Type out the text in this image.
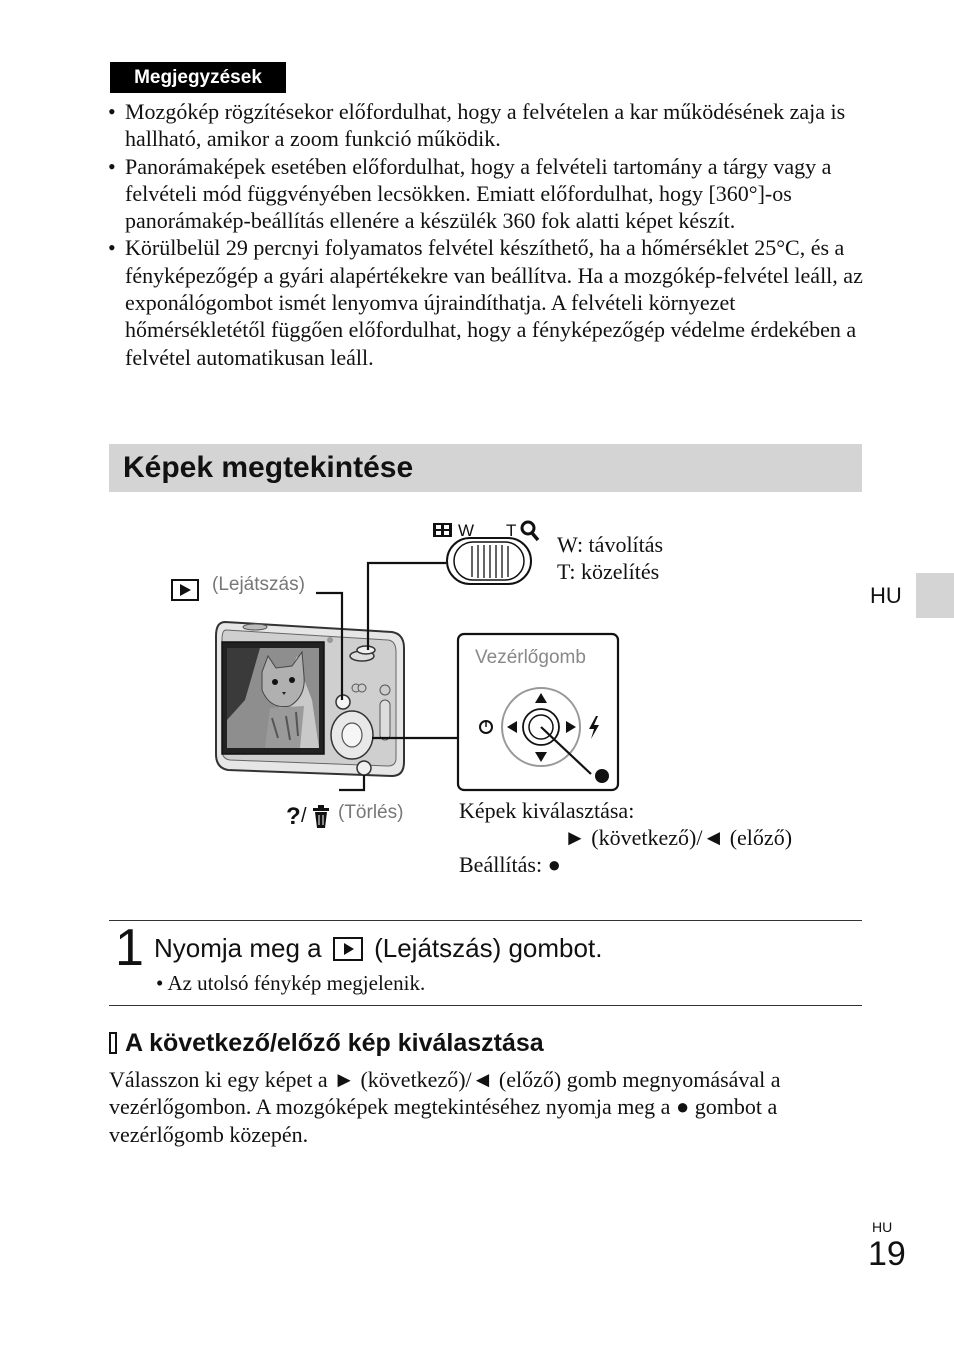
Megjegyzések
• Mozgókép rögzítésekor előfordulhat, hogy a felvételen a kar működésének zaja is hallható, amikor a zoom funkció működik.
• Panorámaképek esetében előfordulhat, hogy a felvételi tartomány a tárgy vagy a felvételi mód függvényében lecsökken. Emiatt előfordulhat, hogy [360°]-os panorámakép-beállítás ellenére a készülék 360 fok alatti képet készít.
• Körülbelül 29 percnyi folyamatos felvétel készíthető, ha a hőmérséklet 25°C, és a fényképezőgép a gyári alapértékekre van beállítva. Ha a mozgókép-felvétel leáll, az exponálógombot ismét lenyomva újraindíthatja. A felvételi környezet hőmérsékletétől függően előfordulhat, hogy a fényképezőgép védelme érdekében a felvétel automatikusan leáll.
Képek megtekintése
W T
Vezérlőgomb
? /
(Lejátszás)
W: távolítás
T: közelítés
(Törlés)	Képek kiválasztása:
► (következő)/◄ (előző)
Beállítás: ●
HU
1 Nyomja meg a (Lejátszás) gombot.
• Az utolsó fénykép megjelenik.
A következő/előző kép kiválasztása
Válasszon ki egy képet a ► (következő)/◄ (előző) gomb megnyomásával a vezérlőgombon. A mozgóképek megtekintéséhez nyomja meg a ● gombot a vezérlőgomb közepén.
HU
19
